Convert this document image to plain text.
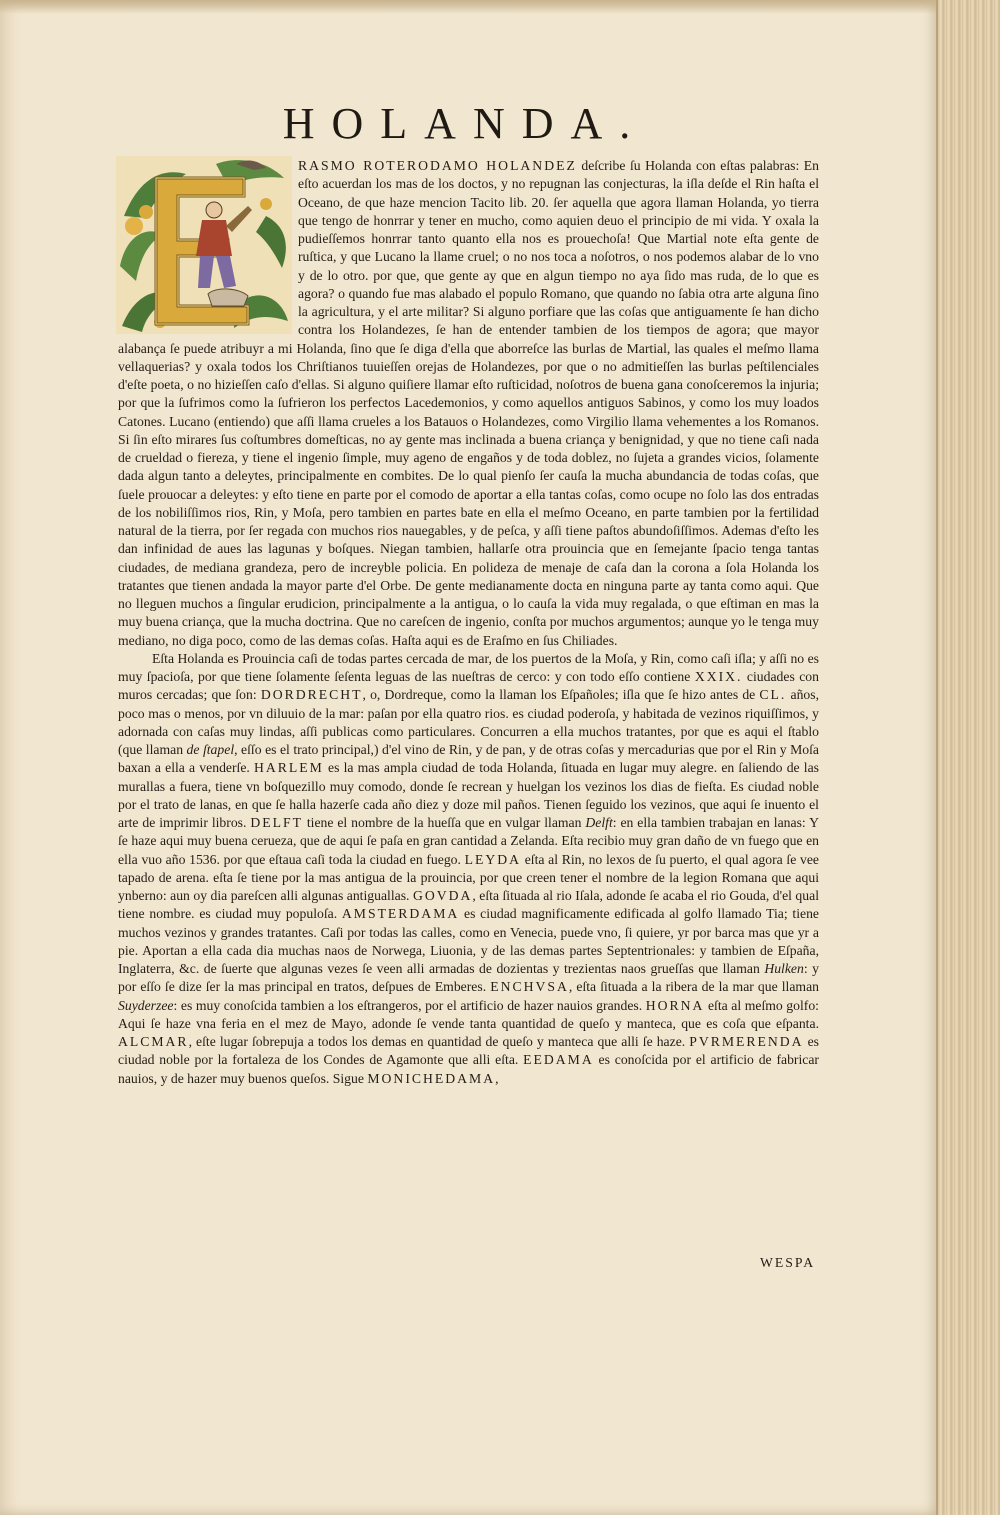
HOLANDA.

RASMO ROTERODAMO HOLANDEZ deſcribe ſu Holanda con eſtas palabras: En eſto acuerdan los mas de los doctos, y no repugnan las conjecturas, la iſla deſde el Rin haſta el Oceano, de que haze mencion Tacito lib. 20. ſer aquella que agora llaman Holanda, yo tierra que tengo de honrrar y tener en mucho, como aquien deuo el principio de mi vida. Y oxala la pudieſſemos honrrar tanto quanto ella nos es prouechoſa! Que Martial note eſta gente de ruſtica, y que Lucano la llame cruel; o no nos toca a noſotros, o nos podemos alabar de lo vno y de lo otro. por que, que gente ay que en algun tiempo no aya ſido mas ruda, de lo que es agora? o quando fue mas alabado el populo Romano, que quando no ſabia otra arte alguna ſino la agricultura, y el arte militar? Si alguno porfiare que las coſas que antiguamente ſe han dicho contra los Holandezes, ſe han de entender tambien de los tiempos de agora; que mayor alabança ſe puede atribuyr a mi Holanda, ſino que ſe diga d'ella que aborreſce las burlas de Martial, las quales el meſmo llama vellaquerias? y oxala todos los Chriſtianos tuuieſſen orejas de Holandezes, por que o no admitieſſen las burlas peſtilenciales d'eſte poeta, o no hizieſſen caſo d'ellas. Si alguno quiſiere llamar eſto ruſticidad, noſotros de buena gana conoſceremos la injuria; por que la ſufrimos como la ſufrieron los perfectos Lacedemonios, y como aquellos antiguos Sabinos, y como los muy loados Catones. Lucano (entiendo) que aſſi llama crueles a los Batauos o Holandezes, como Virgilio llama vehementes a los Romanos. Si ſin eſto mirares ſus coſtumbres domeſticas, no ay gente mas inclinada a buena criança y benignidad, y que no tiene caſi nada de crueldad o fiereza, y tiene el ingenio ſimple, muy ageno de engaños y de toda doblez, no ſujeta a grandes vicios, ſolamente dada algun tanto a deleytes, principalmente en combites. De lo qual pienſo ſer cauſa la mucha abundancia de todas coſas, que ſuele prouocar a deleytes: y eſto tiene en parte por el comodo de aportar a ella tantas coſas, como ocupe no ſolo las dos entradas de los nobiliſſimos rios, Rin, y Moſa, pero tambien en partes bate en ella el meſmo Oceano, en parte tambien por la fertilidad natural de la tierra, por ſer regada con muchos rios nauegables, y de peſca, y aſſi tiene paſtos abundoſiſſimos. Ademas d'eſto les dan infinidad de aues las lagunas y boſques. Niegan tambien, hallarſe otra prouincia que en ſemejante ſpacio tenga tantas ciudades, de mediana grandeza, pero de increyble policia. En polideza de menaje de caſa dan la corona a ſola Holanda los tratantes que tienen andada la mayor parte d'el Orbe. De gente medianamente docta en ninguna parte ay tanta como aqui. Que no lleguen muchos a ſingular erudicion, principalmente a la antigua, o lo cauſa la vida muy regalada, o que eſtiman en mas la muy buena criança, que la mucha doctrina. Que no careſcen de ingenio, conſta por muchos argumentos; aunque yo le tenga muy mediano, no diga poco, como de las demas coſas. Haſta aqui es de Eraſmo en ſus Chiliades.

Eſta Holanda es Prouincia caſi de todas partes cercada de mar, de los puertos de la Moſa, y Rin, como caſi iſla; y aſſi no es muy ſpacioſa, por que tiene ſolamente ſeſenta leguas de las nueſtras de cerco: y con todo eſſo contiene XXIX. ciudades con muros cercadas; que ſon: DORDRECHT, o, Dordreque, como la llaman los Eſpañoles; iſla que ſe hizo antes de CL. años, poco mas o menos, por vn diluuio de la mar: paſan por ella quatro rios. es ciudad poderoſa, y habitada de vezinos riquiſſimos, y adornada con caſas muy lindas, aſſi publicas como particulares. Concurren a ella muchos tratantes, por que es aqui el ſtablo (que llaman de ſtapel, eſſo es el trato principal,) d'el vino de Rin, y de pan, y de otras coſas y mercadurias que por el Rin y Moſa baxan a ella a venderſe. HARLEM es la mas ampla ciudad de toda Holanda, ſituada en lugar muy alegre. en ſaliendo de las murallas a fuera, tiene vn boſquezillo muy comodo, donde ſe recrean y huelgan los vezinos los dias de fieſta. Es ciudad noble por el trato de lanas, en que ſe halla hazerſe cada año diez y doze mil paños. Tienen ſeguido los vezinos, que aqui ſe inuento el arte de imprimir libros. DELFT tiene el nombre de la hueſſa que en vulgar llaman Delft: en ella tambien trabajan en lanas: Y ſe haze aqui muy buena cerueza, que de aqui ſe paſa en gran cantidad a Zelanda. Eſta recibio muy gran daño de vn fuego que en ella vuo año 1536. por que eſtaua caſi toda la ciudad en fuego. LEYDA eſta al Rin, no lexos de ſu puerto, el qual agora ſe vee tapado de arena. eſta ſe tiene por la mas antigua de la prouincia, por que creen tener el nombre de la legion Romana que aqui ynberno: aun oy dia pareſcen alli algunas antiguallas. GOVDA, eſta ſituada al rio Iſala, adonde ſe acaba el rio Gouda, d'el qual tiene nombre. es ciudad muy populoſa. AMSTERDAMA es ciudad magnificamente edificada al golfo llamado Tia; tiene muchos vezinos y grandes tratantes. Caſi por todas las calles, como en Venecia, puede vno, ſi quiere, yr por barca mas que yr a pie. Aportan a ella cada dia muchas naos de Norwega, Liuonia, y de las demas partes Septentrionales: y tambien de Eſpaña, Inglaterra, &c. de ſuerte que algunas vezes ſe veen alli armadas de dozientas y trezientas naos grueſſas que llaman Hulken: y por eſſo ſe dize ſer la mas principal en tratos, deſpues de Emberes. ENCHVSA, eſta ſituada a la ribera de la mar que llaman Suyderzee: es muy conoſcida tambien a los eſtrangeros, por el artificio de hazer nauios grandes. HORNA eſta al meſmo golfo: Aqui ſe haze vna feria en el mez de Mayo, adonde ſe vende tanta quantidad de queſo y manteca, que es coſa que eſpanta. ALCMAR, eſte lugar ſobrepuja a todos los demas en quantidad de queſo y manteca que alli ſe haze. PVRMERENDA es ciudad noble por la fortaleza de los Condes de Agamonte que alli eſta. EEDAMA es conoſcida por el artificio de fabricar nauios, y de hazer muy buenos queſos. Sigue MONICHEDAMA,

WESPA
